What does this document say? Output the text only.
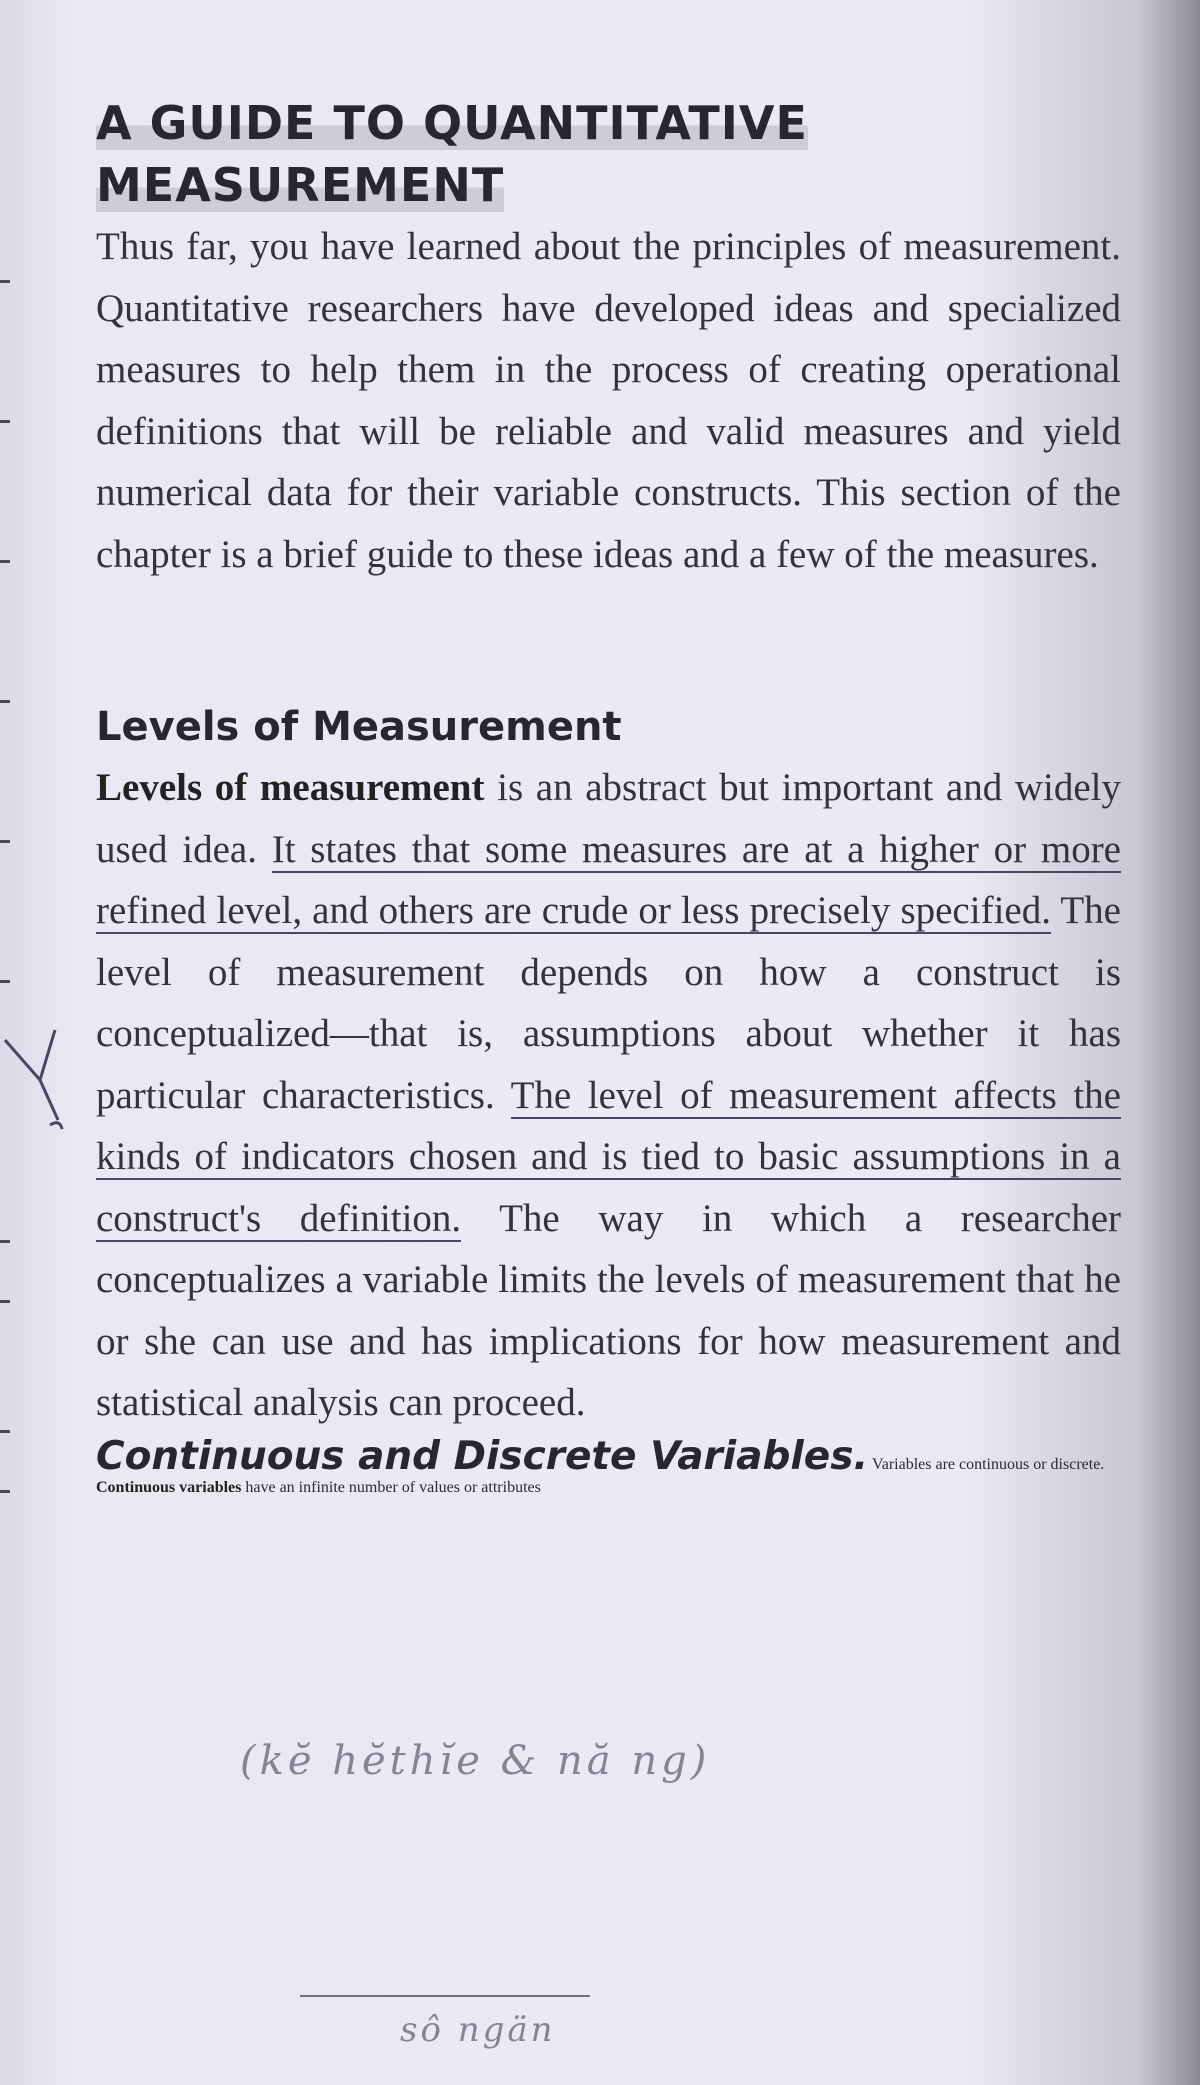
A GUIDE TO QUANTITATIVE MEASUREMENT

Thus far, you have learned about the principles of measurement. Quantitative researchers have developed ideas and specialized measures to help them in the process of creating operational definitions that will be reliable and valid measures and yield numerical data for their variable constructs. This section of the chapter is a brief guide to these ideas and a few of the measures.

Levels of Measurement

Levels of measurement is an abstract but important and widely used idea. It states that some measures are at a higher or more refined level, and others are crude or less precisely specified. The level of measurement depends on how a construct is conceptualized—that is, assumptions about whether it has particular characteristics. The level of measurement affects the kinds of indicators chosen and is tied to basic assumptions in a construct's definition. The way in which a researcher conceptualizes a variable limits the levels of measurement that he or she can use and has implications for how measurement and statistical analysis can proceed.

Continuous and Discrete Variables. Variables are continuous or discrete. Continuous variables have an infinite number of values or attributes

(kĕ hĕthĭe & nă ng)
sô ngän
